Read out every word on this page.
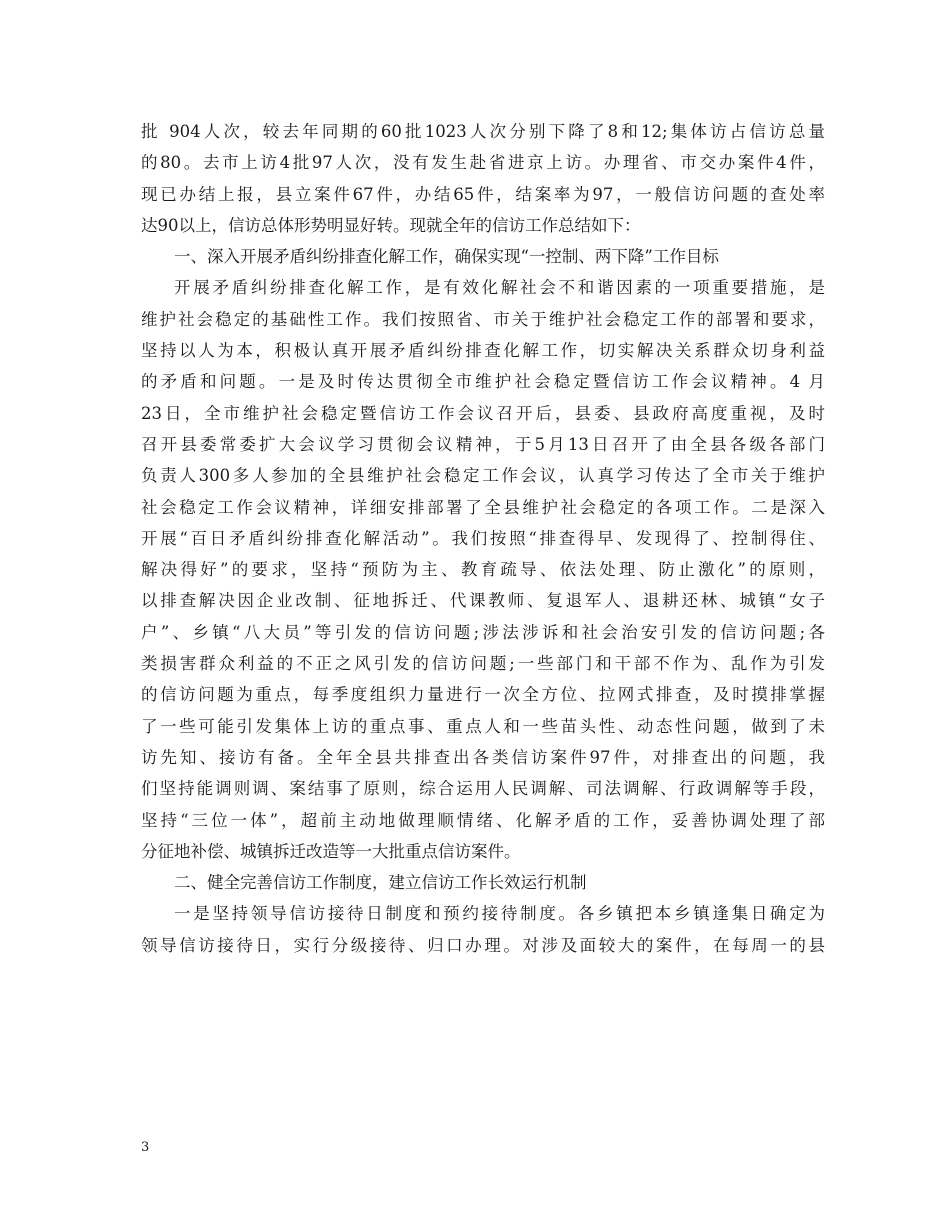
批 904人次，较去年同期的60批1023人次分别下降了8和12;集体访占信访总量
的80。去市上访4批97人次，没有发生赴省进京上访。办理省、市交办案件4件，
现已办结上报，县立案件67件，办结65件，结案率为97，一般信访问题的查处率
达90以上，信访总体形势明显好转。现就全年的信访工作总结如下：
一、深入开展矛盾纠纷排查化解工作，确保实现“一控制、两下降”工作目标
开展矛盾纠纷排查化解工作，是有效化解社会不和谐因素的一项重要措施，是
维护社会稳定的基础性工作。我们按照省、市关于维护社会稳定工作的部署和要求，
坚持以人为本，积极认真开展矛盾纠纷排查化解工作，切实解决关系群众切身利益
的矛盾和问题。一是及时传达贯彻全市维护社会稳定暨信访工作会议精神。4 月
23日，全市维护社会稳定暨信访工作会议召开后，县委、县政府高度重视，及时
召开县委常委扩大会议学习贯彻会议精神，于5月13日召开了由全县各级各部门
负责人300多人参加的全县维护社会稳定工作会议，认真学习传达了全市关于维护
社会稳定工作会议精神，详细安排部署了全县维护社会稳定的各项工作。二是深入
开展“百日矛盾纠纷排查化解活动”。我们按照“排查得早、发现得了、控制得住、
解决得好”的要求，坚持“预防为主、教育疏导、依法处理、防止激化”的原则，
以排查解决因企业改制、征地拆迁、代课教师、复退军人、退耕还林、城镇“女子
户”、乡镇“八大员”等引发的信访问题;涉法涉诉和社会治安引发的信访问题;各
类损害群众利益的不正之风引发的信访问题;一些部门和干部不作为、乱作为引发
的信访问题为重点，每季度组织力量进行一次全方位、拉网式排查，及时摸排掌握
了一些可能引发集体上访的重点事、重点人和一些苗头性、动态性问题，做到了未
访先知、接访有备。全年全县共排查出各类信访案件97件，对排查出的问题，我
们坚持能调则调、案结事了原则，综合运用人民调解、司法调解、行政调解等手段，
坚持“三位一体”，超前主动地做理顺情绪、化解矛盾的工作，妥善协调处理了部
分征地补偿、城镇拆迁改造等一大批重点信访案件。
二、健全完善信访工作制度，建立信访工作长效运行机制
一是坚持领导信访接待日制度和预约接待制度。各乡镇把本乡镇逢集日确定为
领导信访接待日，实行分级接待、归口办理。对涉及面较大的案件，在每周一的县
3
